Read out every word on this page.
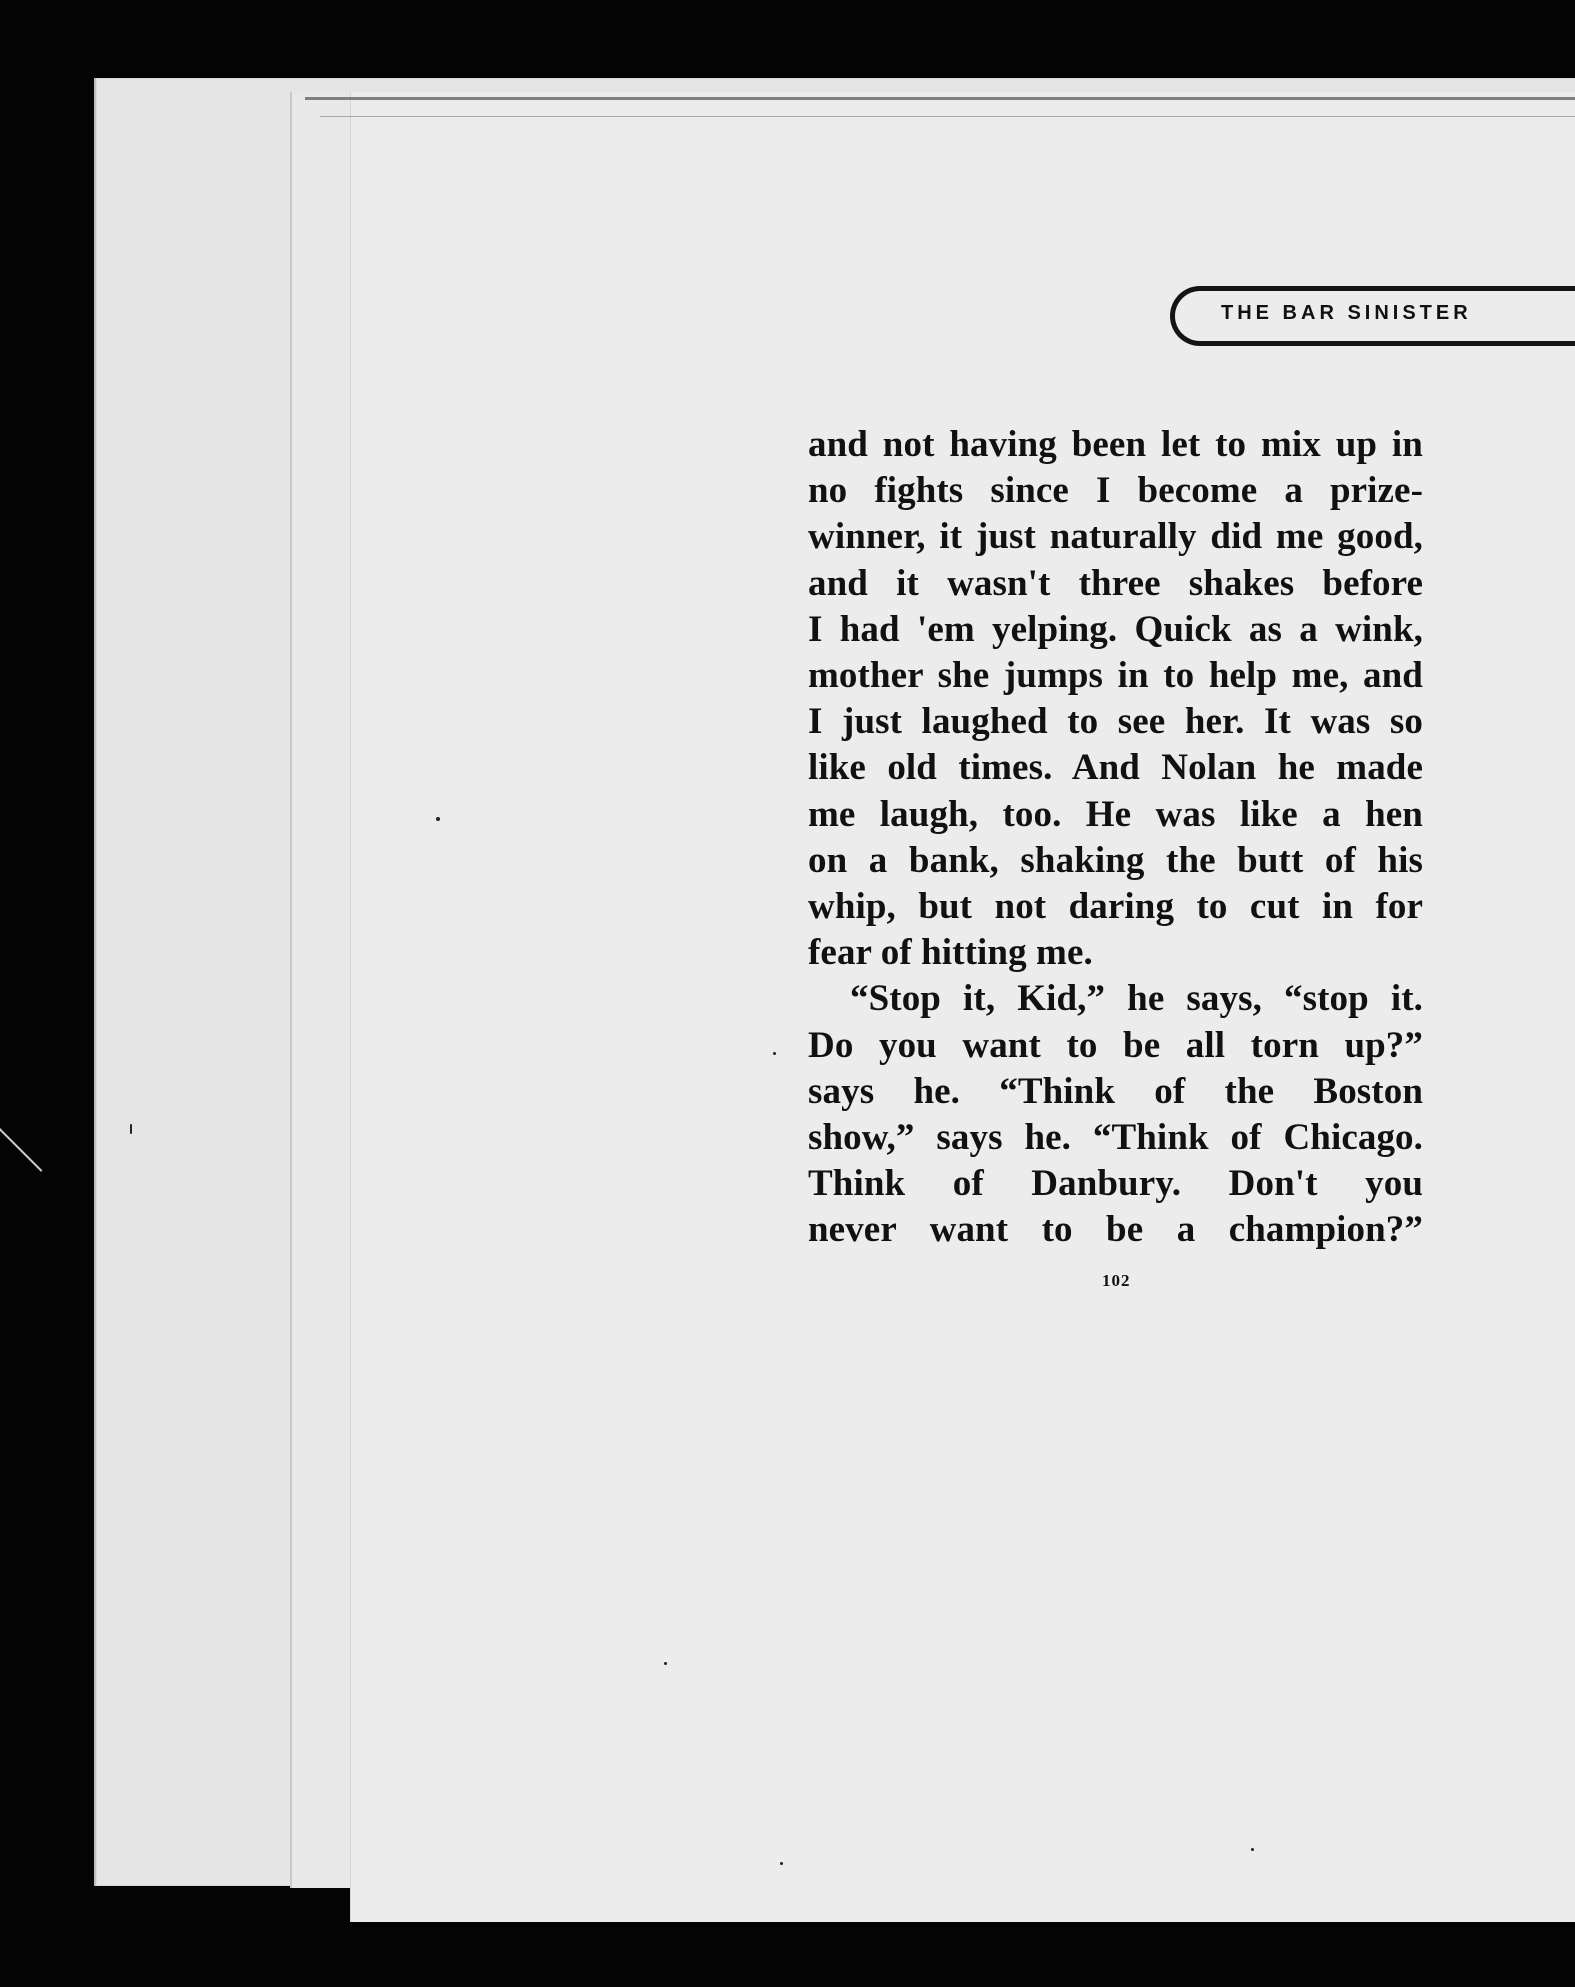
THE BAR SINISTER
and not having been let to mix up in
no fights since I become a prize-
winner, it just naturally did me good,
and it wasn't three shakes before
I had 'em yelping. Quick as a wink,
mother she jumps in to help me, and
I just laughed to see her. It was so
like old times. And Nolan he made
me laugh, too. He was like a hen
on a bank, shaking the butt of his
whip, but not daring to cut in for
fear of hitting me.
“Stop it, Kid,” he says, “stop it.
Do you want to be all torn up?”
says he. “Think of the Boston
show,” says he. “Think of Chicago.
Think of Danbury. Don't you
never want to be a champion?”
102
